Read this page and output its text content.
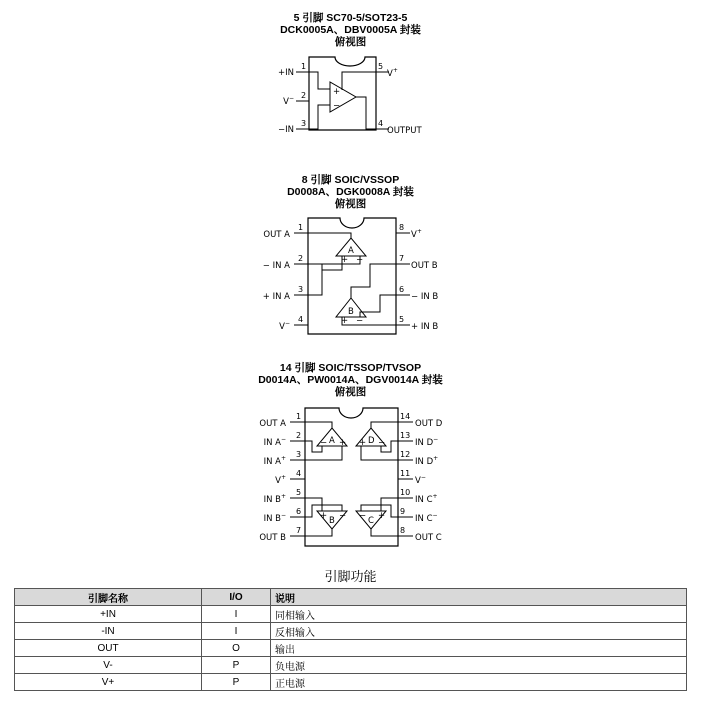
5 引脚 SC70-5/SOT23-5
DCK0005A、DBV0005A 封装
俯视图
8 引脚 SOIC/VSSOP
D0008A、DGK0008A 封装
俯视图
14 引脚 SOIC/TSSOP/TVSOP
D0014A、PW0014A、DGV0014A 封装
俯视图
+
−
1
2
3	4
5
+IN
V−
−IN	OUTPUT
V+
A
+ −
B
+ −
1
2
3
4	5
6
7
8
OUT A
− IN A
+ IN A
V−	+ IN B
− IN B
OUT B
V+
A
B	C
D
− + + −
+ − − +
1
2
3
4
5
6
7	8
9
10
11
12
13
14
OUT A
IN A−
IN A+
V+
IN B+
IN B−
OUT B	OUT C
IN C−
IN C+
V−
IN D+
IN D−
OUT D
引脚功能
引脚名称	I/O	说明
+IN	I	同相输入
-IN	I	反相输入
OUT	O	输出
V-	P	负电源
V+	P	正电源
